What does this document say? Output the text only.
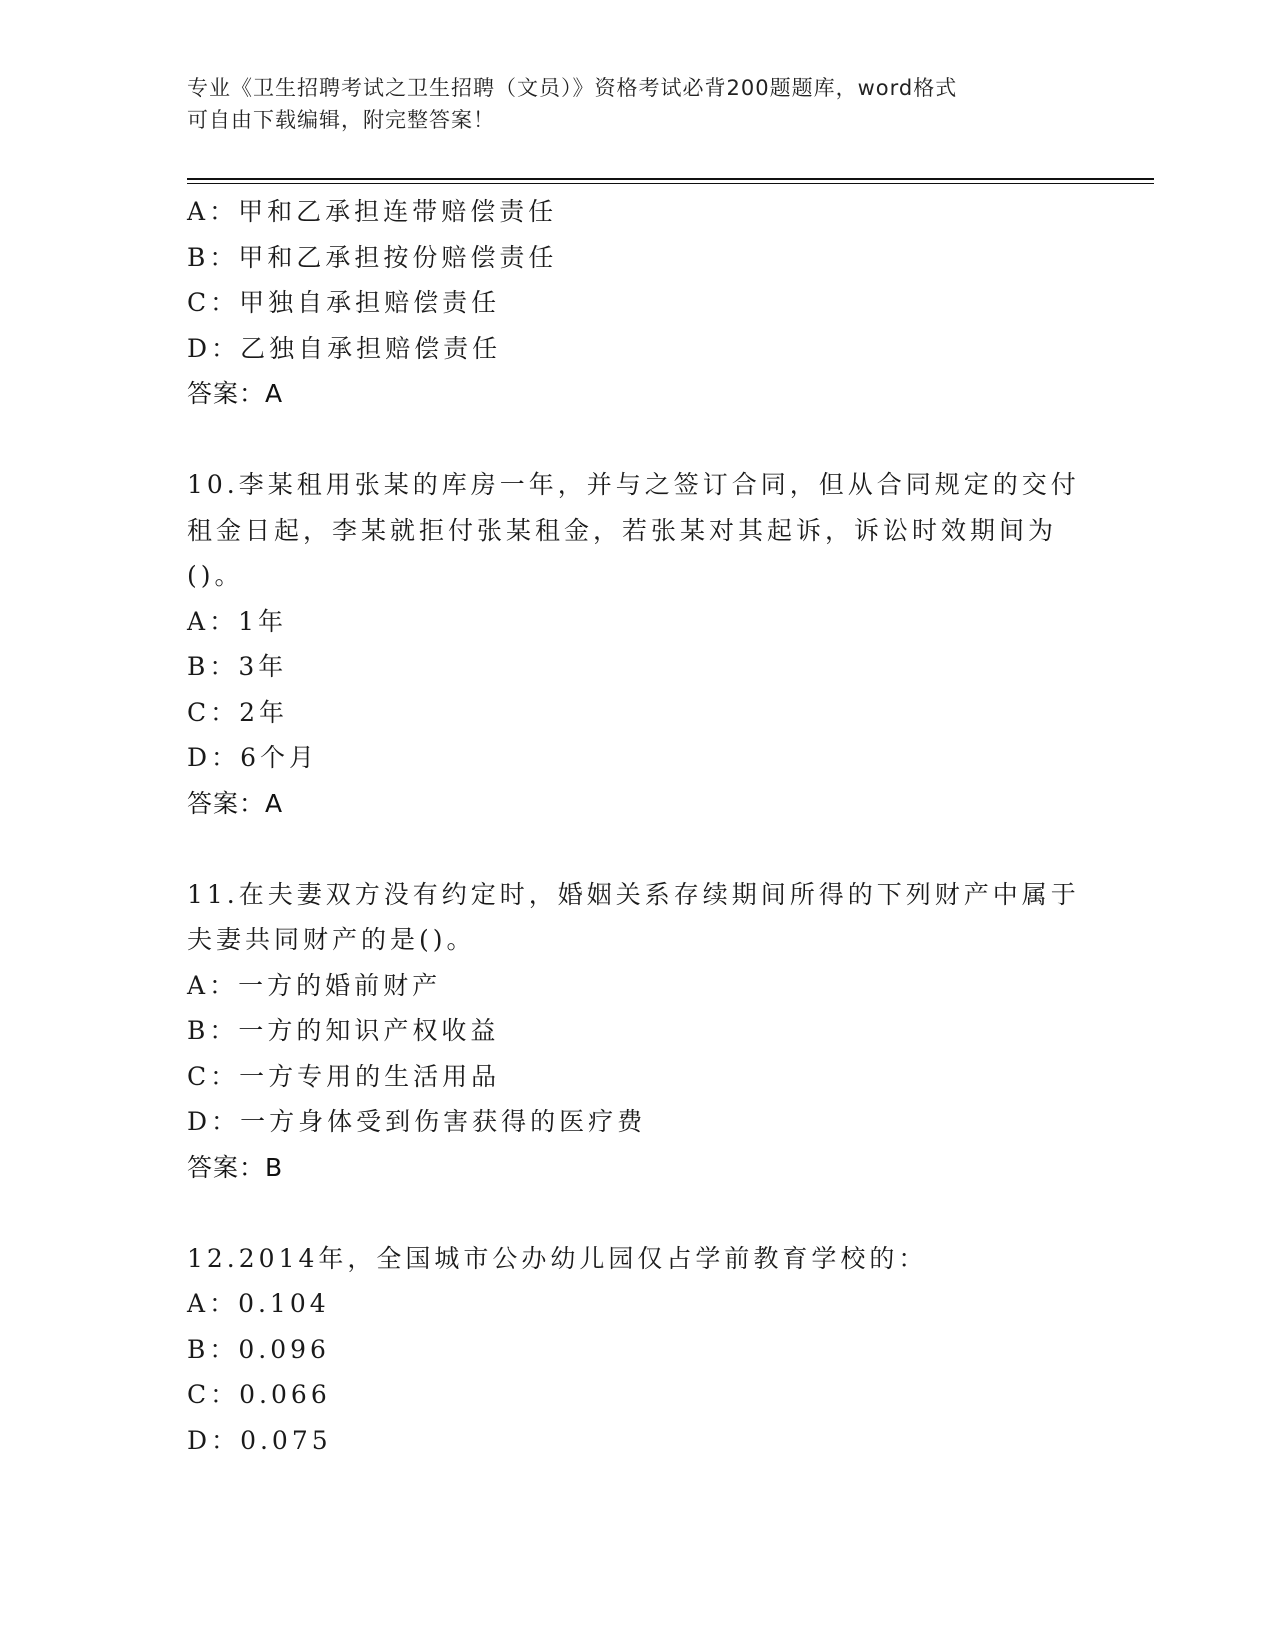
专业《卫生招聘考试之卫生招聘（文员）》资格考试必背200题题库，word格式
可自由下载编辑，附完整答案！
A：甲和乙承担连带赔偿责任
B：甲和乙承担按份赔偿责任
C：甲独自承担赔偿责任
D：乙独自承担赔偿责任
答案：A
10.李某租用张某的库房一年，并与之签订合同，但从合同规定的交付
租金日起，李某就拒付张某租金，若张某对其起诉，诉讼时效期间为
()。
A：1年
B：3年
C：2年
D：6个月
答案：A
11.在夫妻双方没有约定时，婚姻关系存续期间所得的下列财产中属于
夫妻共同财产的是()。
A：一方的婚前财产
B：一方的知识产权收益
C：一方专用的生活用品
D：一方身体受到伤害获得的医疗费
答案：B
12.2014年，全国城市公办幼儿园仅占学前教育学校的：
A：0.104
B：0.096
C：0.066
D：0.075
